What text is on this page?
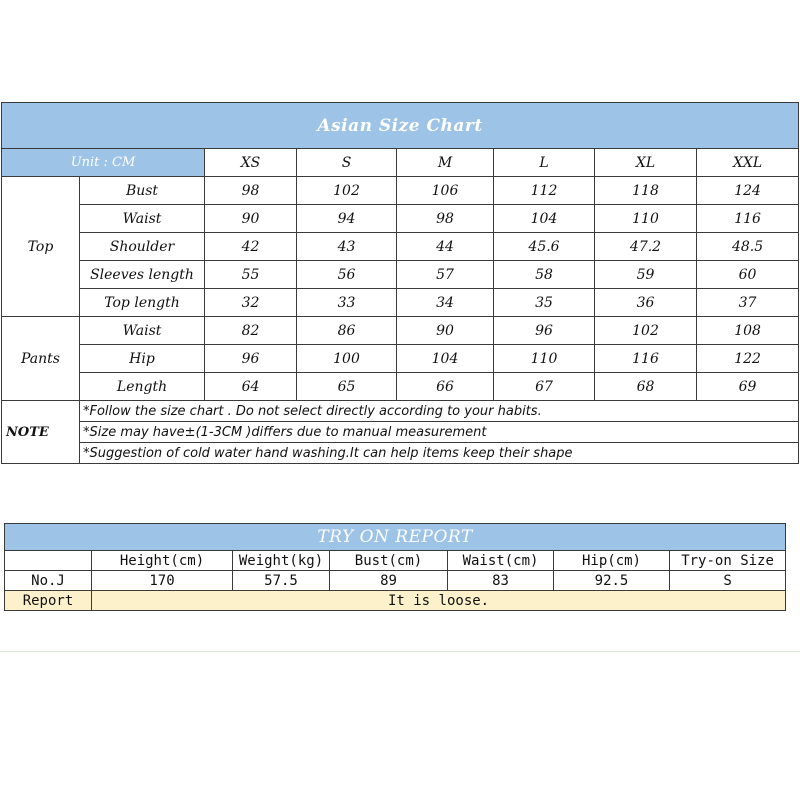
Asian Size Chart							
Unit : CM		XS	S	M	L	XL	XXL
Top	Bust	98	102	106	112	118	124
	Waist	90	94	98	104	110	116
	Shoulder	42	43	44	45.6	47.2	48.5
	Sleeves length	55	56	57	58	59	60
	Top length	32	33	34	35	36	37
Pants	Waist	82	86	90	96	102	108
	Hip	96	100	104	110	116	122
	Length	64	65	66	67	68	69
NOTE	*Follow the size chart . Do not select directly according to your habits.						
	*Size may have±(1-3CM )differs due to manual measurement						
	*Suggestion of cold water hand washing.It can help items keep their shape						
TRY ON REPORT						
	Height(cm)	Weight(kg)	Bust(cm)	Waist(cm)	Hip(cm)	Try-on Size
No.J	170	57.5	89	83	92.5	S
Report	It is loose.					
